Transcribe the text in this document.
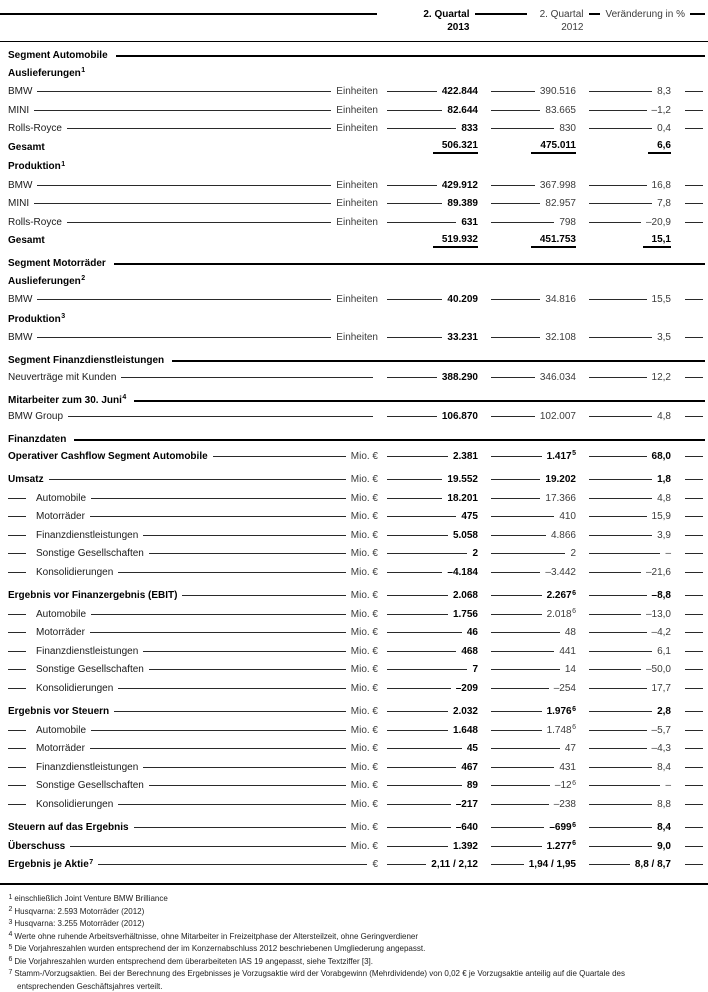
2. Quartal
2013
2. Quartal
2012
Veränderung in %
Segment Automobile
Auslieferungen$^1$
BMW	Einheiten	422.844	390.516	8,3
MINI	Einheiten	82.644	83.665	–1,2
Rolls-Royce	Einheiten	833	830	0,4
Gesamt	506.321	475.011	6,6
Produktion$^1$
BMW	Einheiten	429.912	367.998	16,8
MINI	Einheiten	89.389	82.957	7,8
Rolls-Royce	Einheiten	631	798	–20,9
Gesamt	519.932	451.753	15,1
Segment Motorräder
Auslieferungen$^2$
BMW	Einheiten	40.209	34.816	15,5
Produktion$^3$
BMW	Einheiten	33.231	32.108	3,5
Segment Finanzdienstleistungen
Neuverträge mit Kunden	388.290	346.034	12,2
Mitarbeiter zum 30. Juni$^4$
BMW Group	106.870	102.007	4,8
Finanzdaten
Operativer Cashflow Segment Automobile	Mio. €	2.381	1.417$^5$	68,0
Umsatz	Mio. €	19.552	19.202	1,8
Automobile	Mio. €	18.201	17.366	4,8
Motorräder	Mio. €	475	410	15,9
Finanzdienstleistungen	Mio. €	5.058	4.866	3,9
Sonstige Gesellschaften	Mio. €	2	2	–
Konsolidierungen	Mio. €	–4.184	–3.442	–21,6
Ergebnis vor Finanzergebnis (EBIT)	Mio. €	2.068	2.267$^6$	–8,8
Automobile	Mio. €	1.756	2.018$^6$	–13,0
Motorräder	Mio. €	46	48	–4,2
Finanzdienstleistungen	Mio. €	468	441	6,1
Sonstige Gesellschaften	Mio. €	7	14	–50,0
Konsolidierungen	Mio. €	–209	–254	17,7
Ergebnis vor Steuern	Mio. €	2.032	1.976$^6$	2,8
Automobile	Mio. €	1.648	1.748$^6$	–5,7
Motorräder	Mio. €	45	47	–4,3
Finanzdienstleistungen	Mio. €	467	431	8,4
Sonstige Gesellschaften	Mio. €	89	$-12^6$	–
Konsolidierungen	Mio. €	–217	–238	8,8
Steuern auf das Ergebnis	Mio. €	–640	$-699^6$	8,4
Überschuss	Mio. €	1.392	1.277$^6$	9,0
Ergebnis je Aktie$^7$	€	2,11 / 2,12	1,94 / 1,95	8,8 / 8,7
1 einschließlich Joint Venture BMW Brilliance
2 Husqvarna: 2.593 Motorräder (2012)
3 Husqvarna: 3.255 Motorräder (2012)
4 Werte ohne ruhende Arbeitsverhältnisse, ohne Mitarbeiter in Freizeitphase der Altersteilzeit, ohne Geringverdiener
5 Die Vorjahreszahlen wurden entsprechend der im Konzernabschluss 2012 beschriebenen Umgliederung angepasst.
6 Die Vorjahreszahlen wurden entsprechend dem überarbeiteten IAS 19 angepasst, siehe Textziffer [3].
7 Stamm-/Vorzugsaktien. Bei der Berechnung des Ergebnisses je Vorzugsaktie wird der Vorabgewinn (Mehrdividende) von 0,02 € je Vorzugsaktie anteilig auf die Quartale des entsprechenden Geschäftsjahres verteilt.
